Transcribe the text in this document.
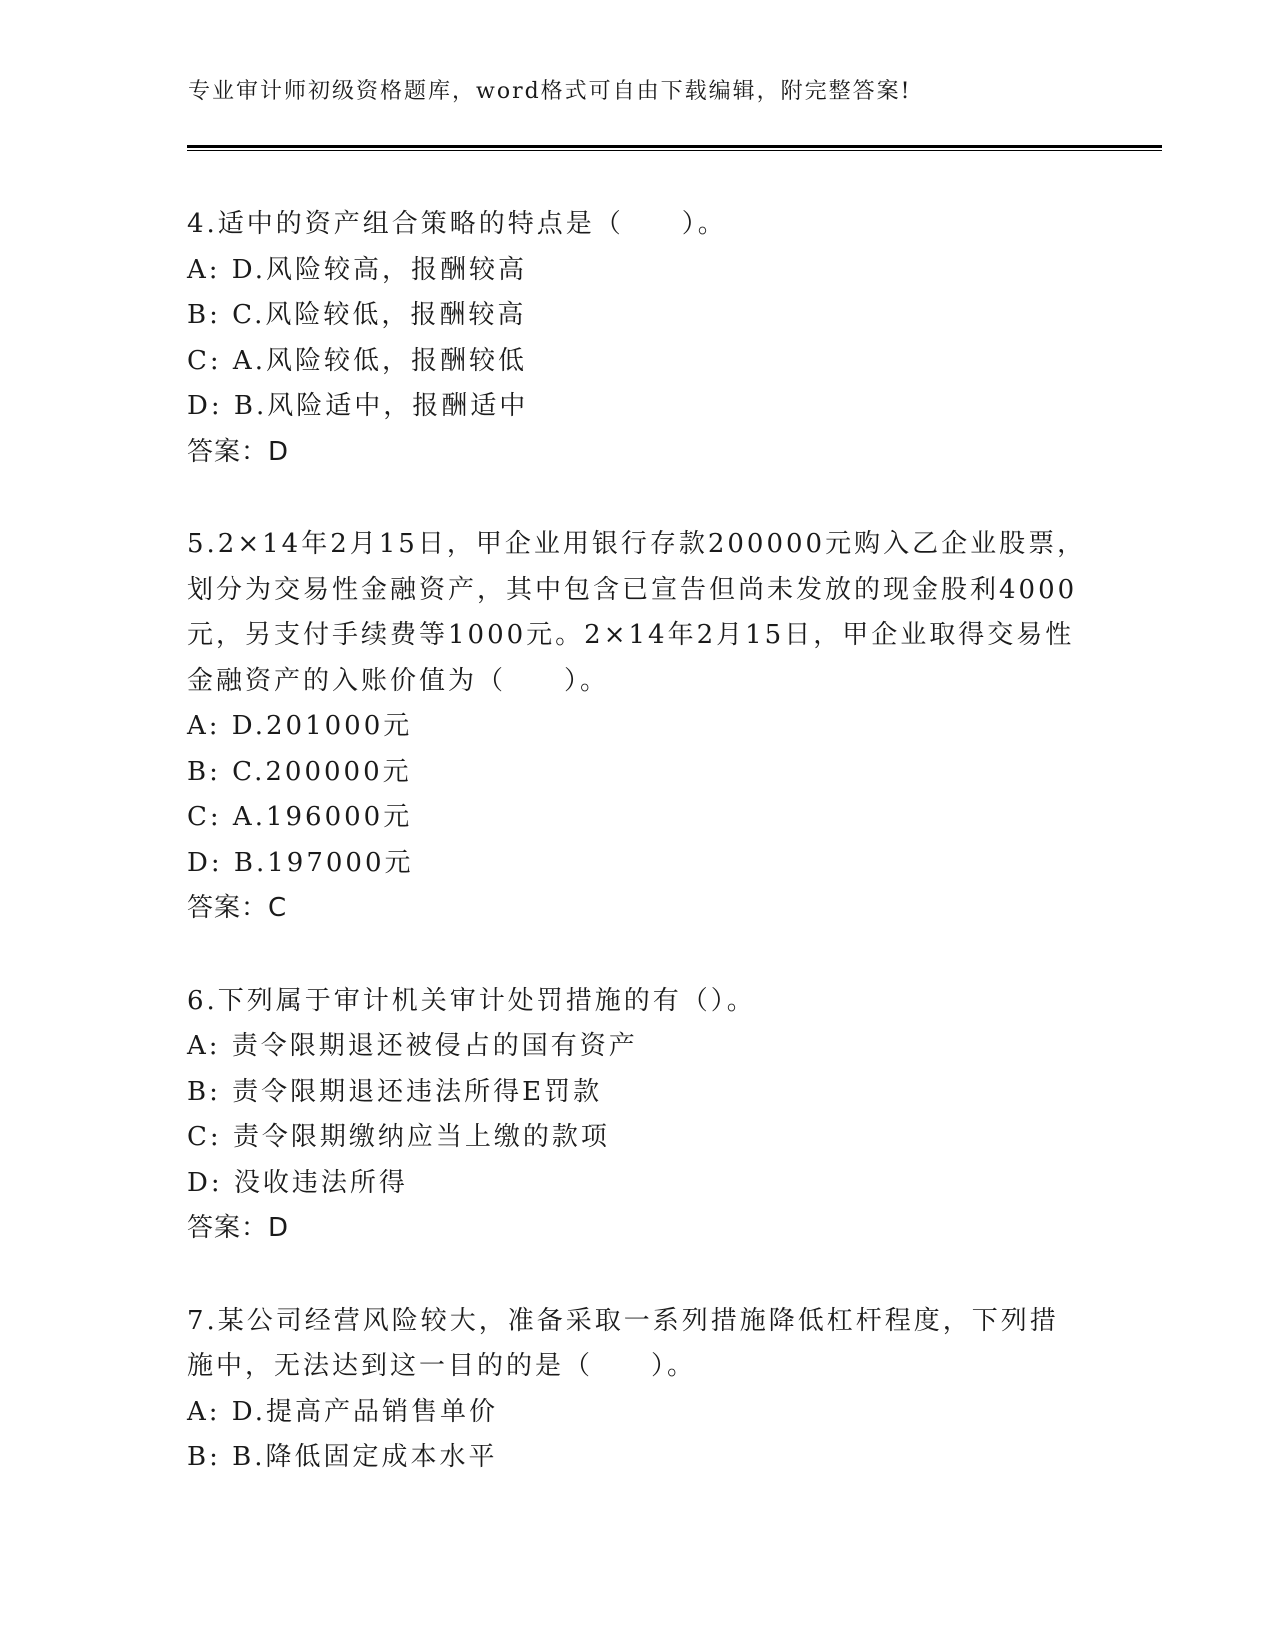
专业审计师初级资格题库，word格式可自由下载编辑，附完整答案!
4.适中的资产组合策略的特点是（　　）。
A: D.风险较高，报酬较高
B: C.风险较低，报酬较高
C: A.风险较低，报酬较低
D: B.风险适中，报酬适中
答案：D
5.2×14年2月15日，甲企业用银行存款200000元购入乙企业股票，划分为交易性金融资产，其中包含已宣告但尚未发放的现金股利4000元，另支付手续费等1000元。2×14年2月15日，甲企业取得交易性金融资产的入账价值为（　　）。
A: D.201000元
B: C.200000元
C: A.196000元
D: B.197000元
答案：C
6.下列属于审计机关审计处罚措施的有（）。
A: 责令限期退还被侵占的国有资产
B: 责令限期退还违法所得E罚款
C: 责令限期缴纳应当上缴的款项
D: 没收违法所得
答案：D
7.某公司经营风险较大，准备采取一系列措施降低杠杆程度，下列措施中，无法达到这一目的的是（　　）。
A: D.提高产品销售单价
B: B.降低固定成本水平
